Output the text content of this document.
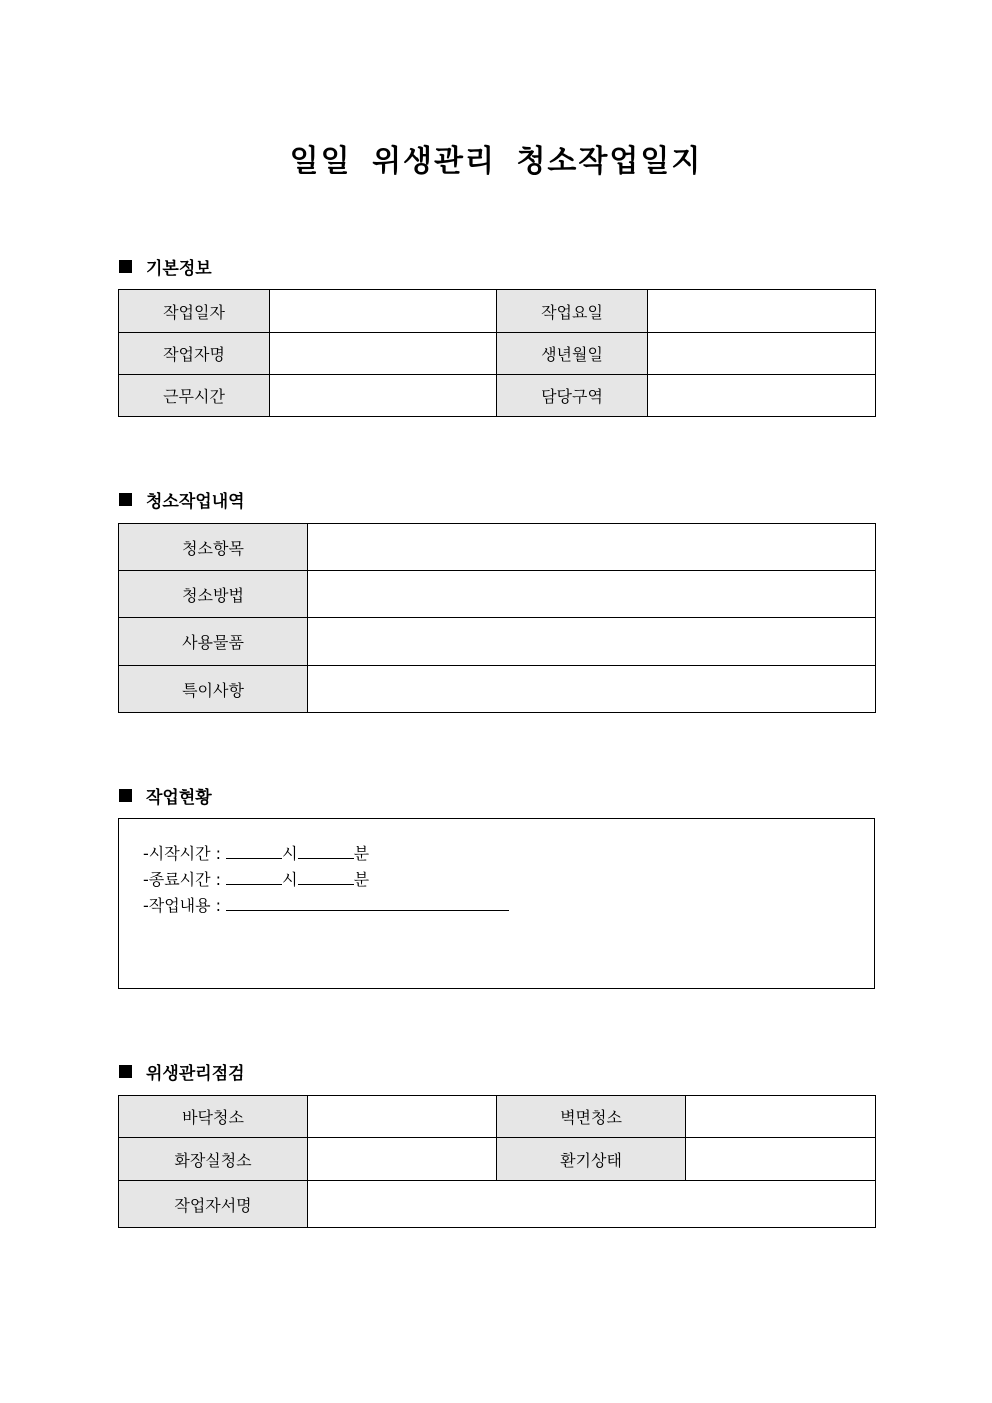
일일 위생관리 청소작업일지
기본정보
작업일자		작업요일	
작업자명		생년월일	
근무시간		담당구역	
청소작업내역
청소항목	
청소방법	
사용물품	
특이사항	
작업현황
-시작시간 :	시	분
-종료시간 :	시	분
-작업내용 :
위생관리점검
바닥청소		벽면청소	
화장실청소		환기상태	
작업자서명			
